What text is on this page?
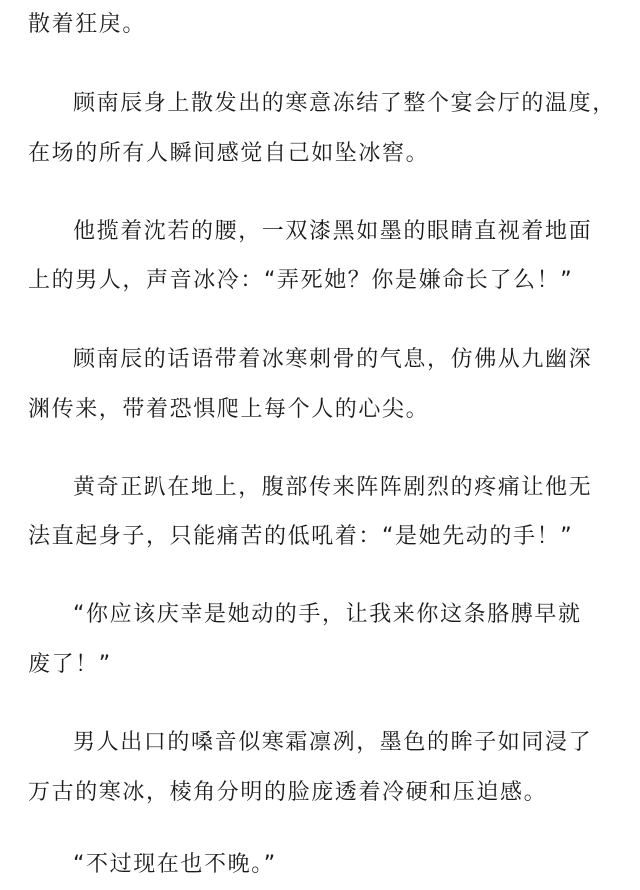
散着狂戾。
顾南辰身上散发出的寒意冻结了整个宴会厅的温度，
在场的所有人瞬间感觉自己如坠冰窖。
他揽着沈若的腰，一双漆黑如墨的眼睛直视着地面
上的男人，声音冰冷：“弄死她？你是嫌命长了么！”
顾南辰的话语带着冰寒刺骨的气息，仿佛从九幽深
渊传来，带着恐惧爬上每个人的心尖。
黄奇正趴在地上，腹部传来阵阵剧烈的疼痛让他无
法直起身子，只能痛苦的低吼着：“是她先动的手！”
“你应该庆幸是她动的手，让我来你这条胳膊早就
废了！”
男人出口的嗓音似寒霜凛冽，墨色的眸子如同浸了
万古的寒冰，棱角分明的脸庞透着冷硬和压迫感。
“不过现在也不晚。”
